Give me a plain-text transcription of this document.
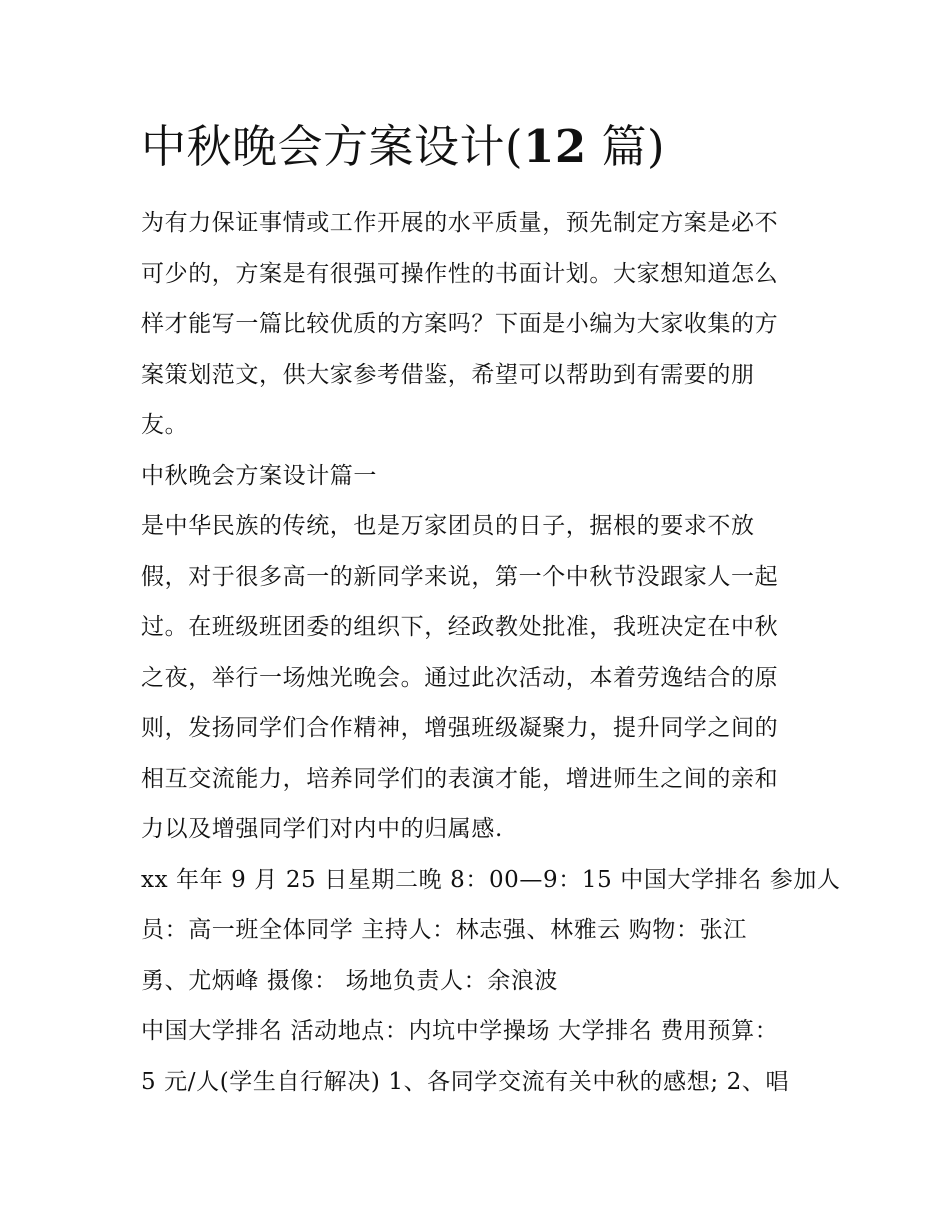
中秋晚会方案设计(12 篇)
为有力保证事情或工作开展的水平质量，预先制定方案是必不
可少的，方案是有很强可操作性的书面计划。大家想知道怎么
样才能写一篇比较优质的方案吗？下面是小编为大家收集的方
案策划范文，供大家参考借鉴，希望可以帮助到有需要的朋
友。
中秋晚会方案设计篇一
是中华民族的传统，也是万家团员的日子，据根的要求不放
假，对于很多高一的新同学来说，第一个中秋节没跟家人一起
过。在班级班团委的组织下，经政教处批准，我班决定在中秋
之夜，举行一场烛光晚会。通过此次活动，本着劳逸结合的原
则，发扬同学们合作精神，增强班级凝聚力，提升同学之间的
相互交流能力，培养同学们的表演才能，增进师生之间的亲和
力以及增强同学们对内中的归属感.
xx 年年 9 月 25 日星期二晚 8：00—9：15 中国大学排名 参加人
员：高一班全体同学 主持人：林志强、林雅云 购物：张江
勇、尤炳峰 摄像： 场地负责人：余浪波
中国大学排名 活动地点：内坑中学操场 大学排名 费用预算：
5 元/人(学生自行解决) 1、各同学交流有关中秋的感想; 2、唱
